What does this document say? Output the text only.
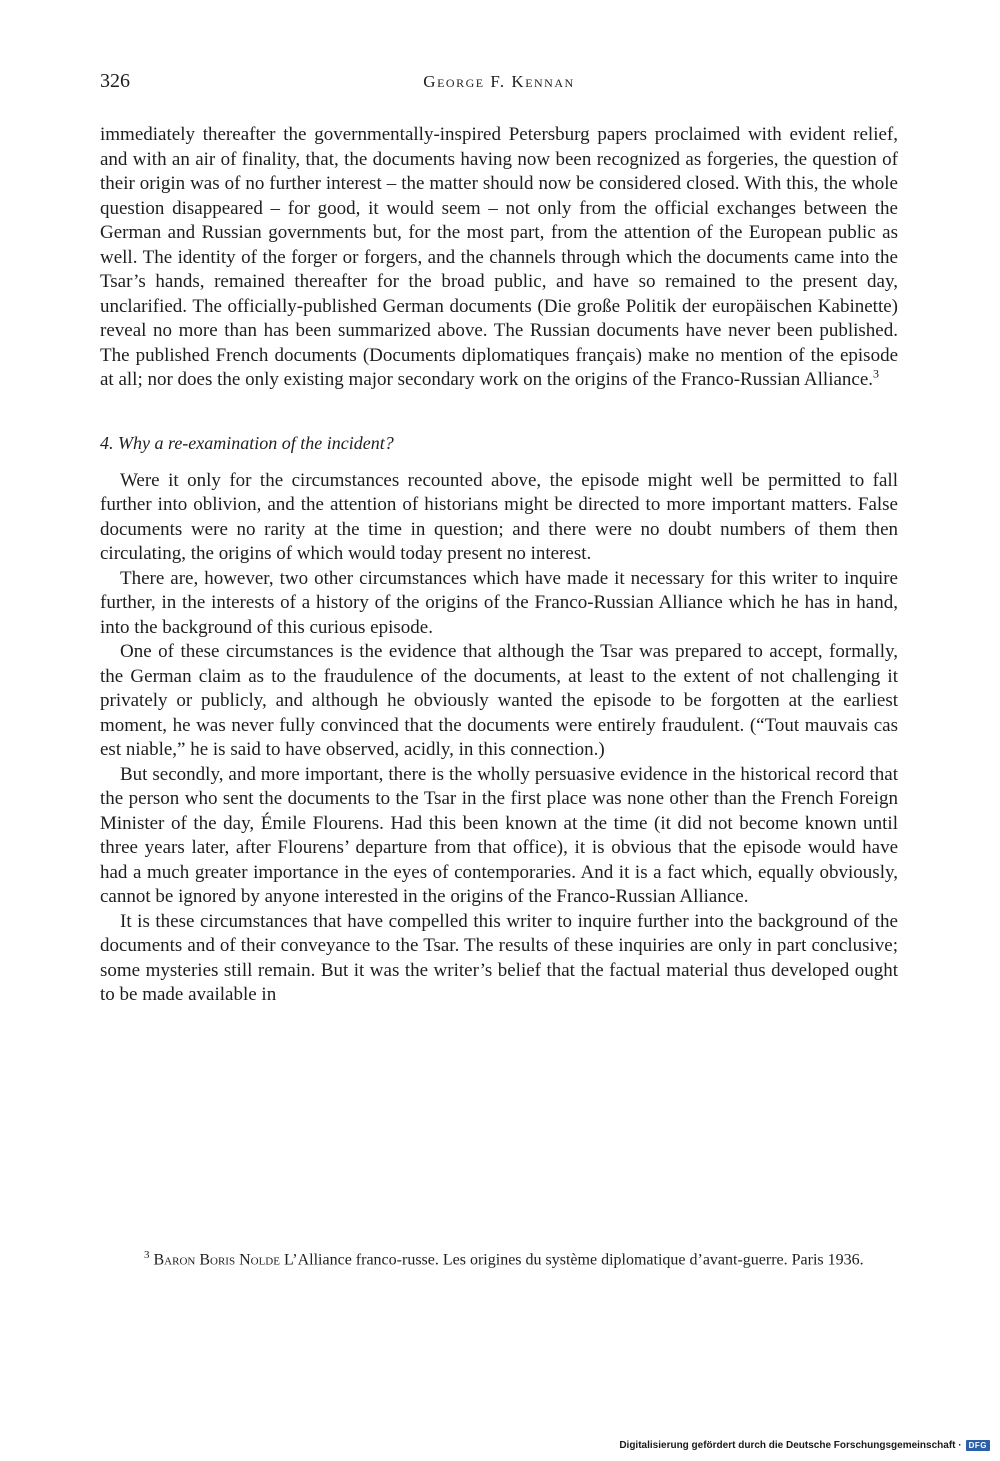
326	George F. Kennan

immediately thereafter the governmentally-inspired Petersburg papers proclaimed with evident relief, and with an air of finality, that, the documents having now been recognized as forgeries, the question of their origin was of no further interest – the matter should now be considered closed. With this, the whole question disappeared – for good, it would seem – not only from the official exchanges between the German and Russian governments but, for the most part, from the attention of the European public as well. The identity of the forger or forgers, and the channels through which the documents came into the Tsar’s hands, remained thereafter for the broad public, and have so remained to the present day, unclarified. The officially-published German documents (Die große Politik der europäischen Kabinette) reveal no more than has been summarized above. The Russian documents have never been published. The published French documents (Documents diplomatiques français) make no mention of the episode at all; nor does the only existing major secondary work on the origins of the Franco-Russian Alliance.$^3$

4. Why a re-examination of the incident?

Were it only for the circumstances recounted above, the episode might well be permitted to fall further into oblivion, and the attention of historians might be directed to more important matters. False documents were no rarity at the time in question; and there were no doubt numbers of them then circulating, the origins of which would today present no interest.

There are, however, two other circumstances which have made it necessary for this writer to inquire further, in the interests of a history of the origins of the Franco-Russian Alliance which he has in hand, into the background of this curious episode.

One of these circumstances is the evidence that although the Tsar was prepared to accept, formally, the German claim as to the fraudulence of the documents, at least to the extent of not challenging it privately or publicly, and although he obviously wanted the episode to be forgotten at the earliest moment, he was never fully convinced that the documents were entirely fraudulent. (“Tout mauvais cas est niable,” he is said to have observed, acidly, in this connection.)

But secondly, and more important, there is the wholly persuasive evidence in the historical record that the person who sent the documents to the Tsar in the first place was none other than the French Foreign Minister of the day, Émile Flourens. Had this been known at the time (it did not become known until three years later, after Flourens’ departure from that office), it is obvious that the episode would have had a much greater importance in the eyes of contemporaries. And it is a fact which, equally obviously, cannot be ignored by anyone interested in the origins of the Franco-Russian Alliance.

It is these circumstances that have compelled this writer to inquire further into the background of the documents and of their conveyance to the Tsar. The results of these inquiries are only in part conclusive; some mysteries still remain. But it was the writer’s belief that the factual material thus developed ought to be made available in

$^3$ Baron Boris Nolde L’Alliance franco-russe. Les origines du système diplomatique d’avant-guerre. Paris 1936.

Digitalisierung gefördert durch die Deutsche Forschungsgemeinschaft · DFG
